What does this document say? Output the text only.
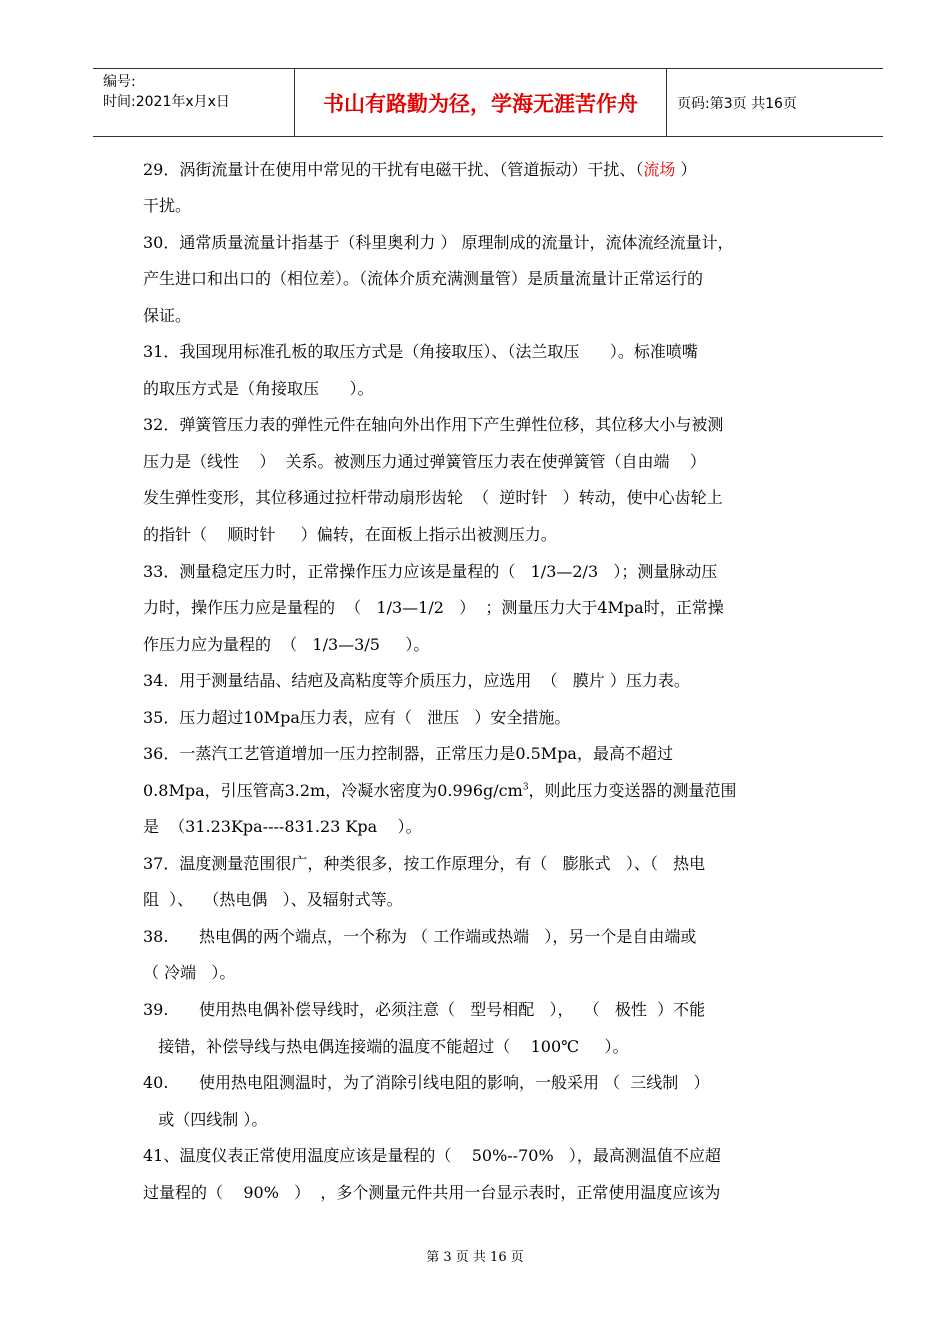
编号:
时间:2021年x月x日	书山有路勤为径，学海无涯苦作舟	页码:第3页 共16页
29．涡街流量计在使用中常见的干扰有电磁干扰、（管道振动）干扰、（流场 ）
干扰。
30．通常质量流量计指基于（科里奥利力 ） 原理制成的流量计，流体流经流量计，
产生进口和出口的（相位差）。（流体介质充满测量管）是质量流量计正常运行的
保证。
31．我国现用标准孔板的取压方式是（角接取压）、（法兰取压      ）。标准喷嘴
的取压方式是（角接取压      ）。
32．弹簧管压力表的弹性元件在轴向外出作用下产生弹性位移，其位移大小与被测
压力是（线性    ）  关系。被测压力通过弹簧管压力表在使弹簧管（自由端    ）
发生弹性变形，其位移通过拉杆带动扇形齿轮  （  逆时针   ）转动，使中心齿轮上
的指针（    顺时针     ）偏转，在面板上指示出被测压力。
33．测量稳定压力时，正常操作压力应该是量程的（   1/3—2/3   ）；测量脉动压
力时，操作压力应是量程的  （   1/3—1/2   ）  ；测量压力大于4Mpa时，正常操
作压力应为量程的  （   1/3—3/5     ）。
34．用于测量结晶、结疤及高粘度等介质压力，应选用  （   膜片 ）压力表。
35．压力超过10Mpa压力表，应有（   泄压   ）安全措施。
36．一蒸汽工艺管道增加一压力控制器，正常压力是0.5Mpa，最高不超过
0.8Mpa，引压管高3.2m，冷凝水密度为$0.996g/cm^3$，则此压力变送器的测量范围
是  （31.23Kpa----831.23 Kpa    ）。
37．温度测量范围很广，种类很多，按工作原理分，有（   膨胀式   ）、（   热电
阻  ）、  （热电偶   ）、及辐射式等。
38.      热电偶的两个端点，一个称为 （ 工作端或热端   ），另一个是自由端或
（ 冷端   ）。
39.      使用热电偶补偿导线时，必须注意（   型号相配   ），  （   极性  ）不能
接错，补偿导线与热电偶连接端的温度不能超过（    100℃     ）。
40.      使用热电阻测温时，为了消除引线电阻的影响，一般采用 （  三线制   ）
或（四线制 ）。
41、温度仪表正常使用温度应该是量程的（    50%--70%   ），最高测温值不应超
过量程的（    90%   ）  ，多个测量元件共用一台显示表时，正常使用温度应该为
第 3 页 共 16 页
